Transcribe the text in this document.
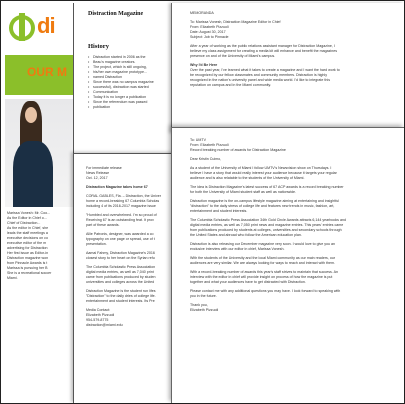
di
OUR M
Marissa Vonesh: Mr. Coo...
As the Editor in Chief o...
Chief of Distraction...
As the editor in Chief, she
leads the staff meetings a
executive decisions on co
executive editor of the m
advertising for Distraction
Her first issue as Editor-in
Distraction magazine won
from Pinnacle Awards is t
Marissa is pursuing her B
She is a recreational soccer
Miami.
Distraction Magazine
History
• Distraction started in 2006 as the
• Beau's magazine creators.
• The project, which is still ongoing,
• his/her own magazine prototype...
• named Distraction
• Since there was no campus magazine
• successful), distraction was started
• Communication
• Today it is no longer a publication
• Since the referendum was passed
• publication
For immediate release
News Release
Oct. 12, 2017
Distraction Magazine takes home 67
CORAL GABLES, Fla. – Distraction, the Univer
home a record-breaking 67 Columbia Scholas
including 4 of its 2016-2017 magazine issue
"Humbled and overwhelmed. I'm so proud of
Receiving 67 is an outstanding feat. It prov
part of these awards.
Allie Patronis, designer, was awarded a co
typography on one page or spread, use of t
presentation.
Aamai Fahmy, Distraction Magazine's 2016
closest story to her heart on the Syrian refu
The Columbia Scholastic Press Association
digital media entries, as well as 7,040 print
came from publications produced by studen
universities and colleges across the United
Distraction Magazine is the student run lifes
"Distraction" to the daily dries of college life.
entertainment and student interests. Its Pre
Media Contact:
Elizabeth Pizzuoli
954-579-8775
distraction@miami.edu
MEMORANDA
To: Marissa Vonesh, Distraction Magazine Editor in Chief
From: Elizabeth Pizzuoli
Date: August 30, 2017
Subject: Job to Pinnacle
After a year of working as the public relations assistant manager for Distraction Magazine, I
believe my class assignment for creating a media kit will enhance and benefit the magazines
presence on and of the University of Miami's campus.
Why I'd Be Here
Over the past year, I've learned what it takes to create a magazine and I want the hard work to
be recognized by our fellow classmates and community members. Distraction is highly
recognized in the nation's university panel and wide media world. I'd like to integrate this
reputation on campus and in the Miami community.
To: UMTV
From: Elizabeth Pizzuoli
Record breaking number of awards for Distraction Magazine
Dear Kristin Cuimo,
As a student of the University of Miami I follow UMTV's Newsvision show on Thursdays. I
believe I have a story that would really interest your audience because it targets your regular
audience and is also relatable to the students of the University of Miami.
The idea is Distraction Magazine's latest success of 67 ACP awards is a record breaking number
for both the University of Miami student staff as well as nationwide.
Distraction magazine is the on-campus lifestyle magazine aiming at entertaining and insightful
"distraction" to the daily stress of college life and features new trends in music, fashion, art,
entertainment and student interests.
The Columbia Scholastic Press Association 34th Gold Circle Awards attracts 6,144 yearbooks and
digital media entries, as well as 7,050 print news and magazine entries. This years' entries came
from publications produced by students at colleges, universities and secondary schools through
the United States and abroad who follow the American education plan.
Distraction is also releasing our December magazine very soon. I would love to give you an
exclusive interview with our editor in chief, Marissa Vonesh.
With the students of the University and the local Miami community as our main readers, our
audiences are very similar. We are always looking for ways to reach and interact with them.
With a record-breaking number of awards this year's staff strives to maintain that success. An
interview with the editor in chief will provide insight on process of how the magazine is put
together and what your audiences have to get distracted with Distraction.
Please contact me with any additional questions you may have. I look forward to speaking with
you in the future.
Thank you,
Elizabeth Pizzuoli
